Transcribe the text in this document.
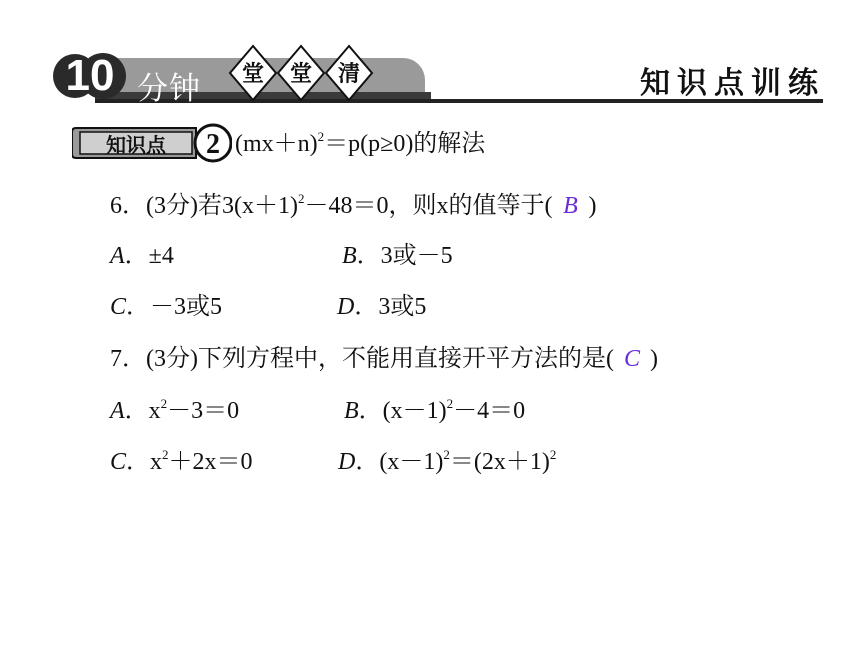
10 分钟 堂 堂 清	知识点训练
知识点 2 $(mx+n)^2=p(p\ge 0)$的解法
6．(3分)若$3(x+1)^2-48=0$，则x的值等于( B )
A．±4	B．3或－5
C．－3或5	D．3或5
7．(3分)下列方程中，不能用直接开平方法的是( C )
A．$x^2-3=0$	B．$(x-1)^2-4=0$
C．$x^2+2x=0$	D．$(x-1)^2=(2x+1)^2$
